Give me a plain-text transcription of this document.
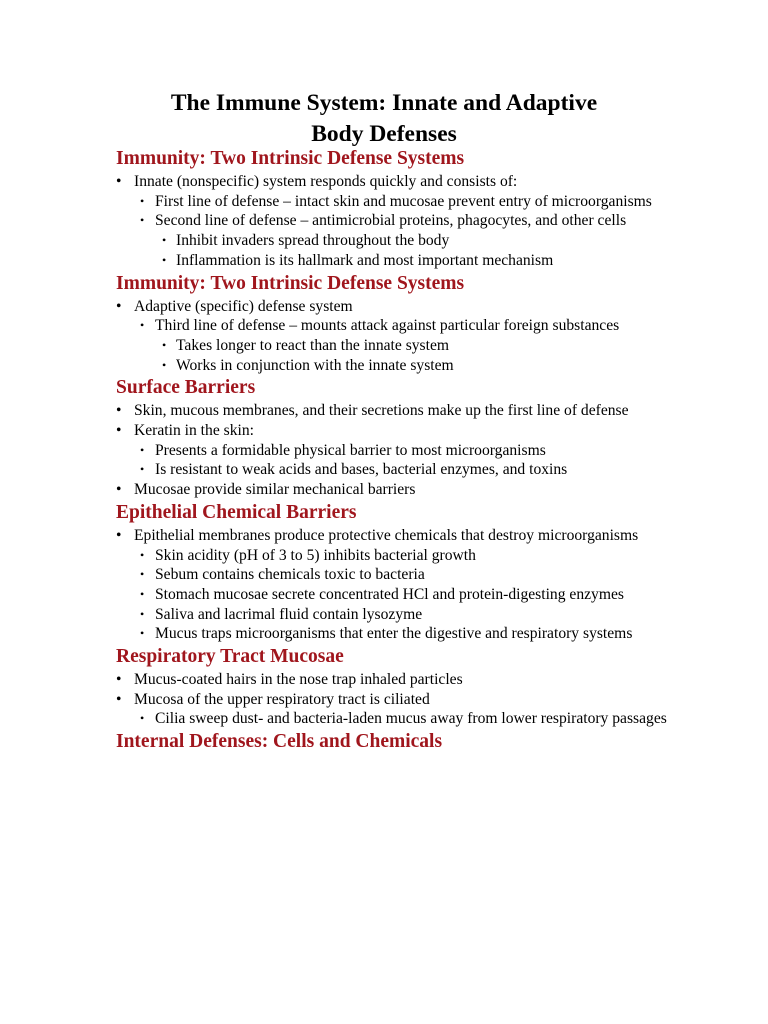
The Immune System: Innate and Adaptive
Body Defenses
Immunity: Two Intrinsic Defense Systems
• Innate (nonspecific) system responds quickly and consists of:
• First line of defense – intact skin and mucosae prevent entry of microorganisms
• Second line of defense – antimicrobial proteins, phagocytes, and other cells
• Inhibit invaders spread throughout the body
• Inflammation is its hallmark and most important mechanism
Immunity: Two Intrinsic Defense Systems
• Adaptive (specific) defense system
• Third line of defense – mounts attack against particular foreign substances
• Takes longer to react than the innate system
• Works in conjunction with the innate system
Surface Barriers
• Skin, mucous membranes, and their secretions make up the first line of defense
• Keratin in the skin:
• Presents a formidable physical barrier to most microorganisms
• Is resistant to weak acids and bases, bacterial enzymes, and toxins
• Mucosae provide similar mechanical barriers
Epithelial Chemical Barriers
• Epithelial membranes produce protective chemicals that destroy microorganisms
• Skin acidity (pH of 3 to 5) inhibits bacterial growth
• Sebum contains chemicals toxic to bacteria
• Stomach mucosae secrete concentrated HCl and protein-digesting enzymes
• Saliva and lacrimal fluid contain lysozyme
• Mucus traps microorganisms that enter the digestive and respiratory systems
Respiratory Tract Mucosae
• Mucus-coated hairs in the nose trap inhaled particles
• Mucosa of the upper respiratory tract is ciliated
• Cilia sweep dust- and bacteria-laden mucus away from lower respiratory passages
Internal Defenses: Cells and Chemicals
